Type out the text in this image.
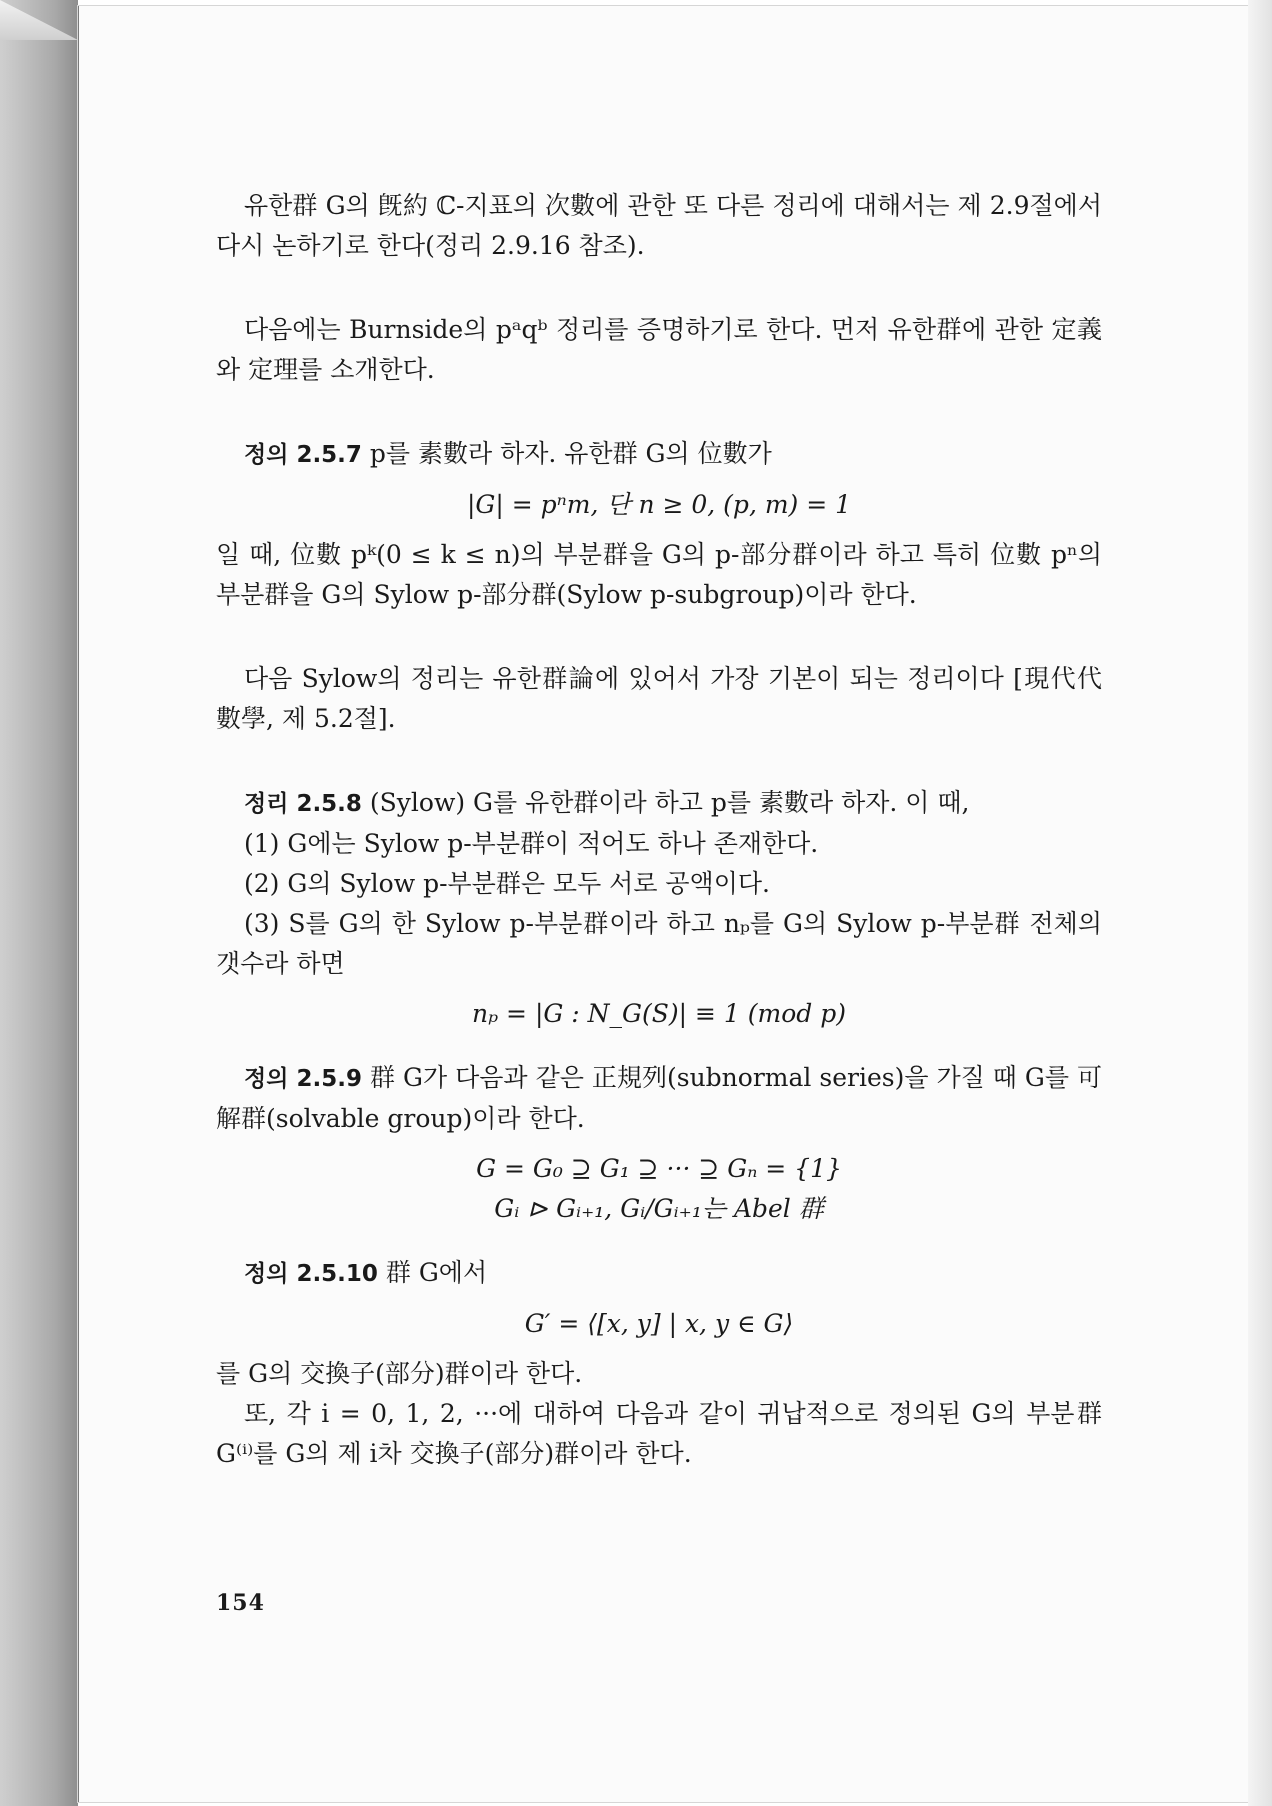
유한群 G의 旣約 ℂ-지표의 次數에 관한 또 다른 정리에 대해서는 제 2.9절에서 다시 논하기로 한다(정리 2.9.16 참조).

다음에는 Burnside의 pᵃqᵇ 정리를 증명하기로 한다. 먼저 유한群에 관한 定義와 定理를 소개한다.

정의 2.5.7 p를 素數라 하자. 유한群 G의 位數가

|G| = pⁿm, 단 n ≥ 0, (p, m) = 1

일 때, 位數 pᵏ(0 ≤ k ≤ n)의 부분群을 G의 p-部分群이라 하고 특히 位數 pⁿ의 부분群을 G의 Sylow p-部分群(Sylow p-subgroup)이라 한다.

다음 Sylow의 정리는 유한群論에 있어서 가장 기본이 되는 정리이다 [現代代數學, 제 5.2절].

정리 2.5.8 (Sylow) G를 유한群이라 하고 p를 素數라 하자. 이 때,

(1) G에는 Sylow p-부분群이 적어도 하나 존재한다.

(2) G의 Sylow p-부분群은 모두 서로 공액이다.

(3) S를 G의 한 Sylow p-부분群이라 하고 nₚ를 G의 Sylow p-부분群 전체의 갯수라 하면

nₚ = |G : N_G(S)| ≡ 1 (mod p)

정의 2.5.9 群 G가 다음과 같은 正規列(subnormal series)을 가질 때 G를 可解群(solvable group)이라 한다.

G = G₀ ⊇ G₁ ⊇ ··· ⊇ Gₙ = {1}

Gᵢ ⊳ Gᵢ₊₁, Gᵢ/Gᵢ₊₁는 Abel 群

정의 2.5.10 群 G에서

G′ = ⟨[x, y] | x, y ∈ G⟩

를 G의 交換子(部分)群이라 한다.

또, 각 i = 0, 1, 2, ···에 대하여 다음과 같이 귀납적으로 정의된 G의 부분群 G⁽ⁱ⁾를 G의 제 i차 交換子(部分)群이라 한다.

154
